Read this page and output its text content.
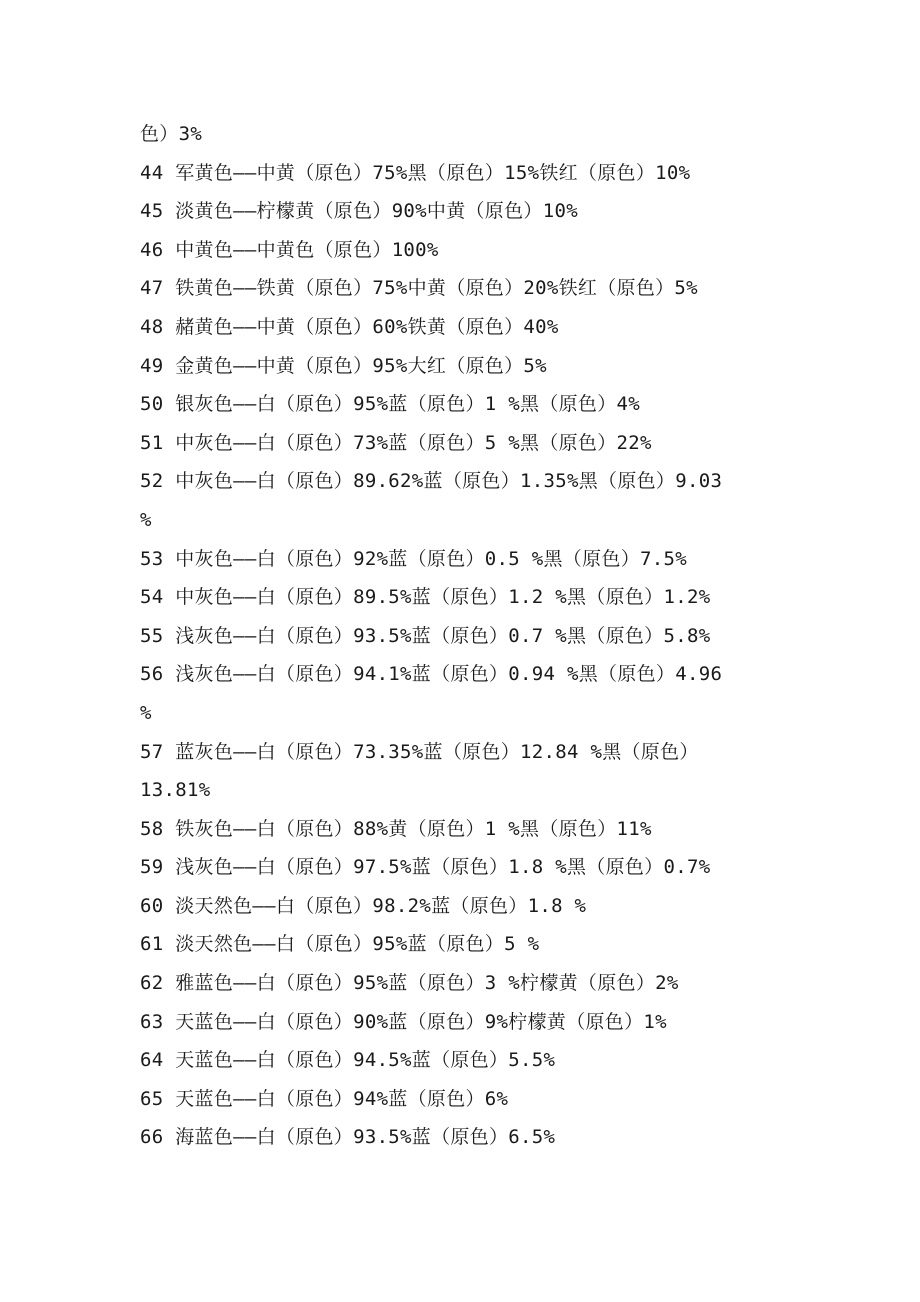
色）3%
44 军黄色——中黄（原色）75%黑（原色）15%铁红（原色）10%
45 淡黄色——柠檬黄（原色）90%中黄（原色）10%
46 中黄色——中黄色（原色）100%
47 铁黄色——铁黄（原色）75%中黄（原色）20%铁红（原色）5%
48 赭黄色——中黄（原色）60%铁黄（原色）40%
49 金黄色——中黄（原色）95%大红（原色）5%
50 银灰色——白（原色）95%蓝（原色）1 %黑（原色）4%
51 中灰色——白（原色）73%蓝（原色）5 %黑（原色）22%
52 中灰色——白（原色）89.62%蓝（原色）1.35%黑（原色）9.03
%
53 中灰色——白（原色）92%蓝（原色）0.5 %黑（原色）7.5%
54 中灰色——白（原色）89.5%蓝（原色）1.2 %黑（原色）1.2%
55 浅灰色——白（原色）93.5%蓝（原色）0.7 %黑（原色）5.8%
56 浅灰色——白（原色）94.1%蓝（原色）0.94 %黑（原色）4.96
%
57 蓝灰色——白（原色）73.35%蓝（原色）12.84 %黑（原色）
13.81%
58 铁灰色——白（原色）88%黄（原色）1 %黑（原色）11%
59 浅灰色——白（原色）97.5%蓝（原色）1.8 %黑（原色）0.7%
60 淡天然色——白（原色）98.2%蓝（原色）1.8 %
61 淡天然色——白（原色）95%蓝（原色）5 %
62 雅蓝色——白（原色）95%蓝（原色）3 %柠檬黄（原色）2%
63 天蓝色——白（原色）90%蓝（原色）9%柠檬黄（原色）1%
64 天蓝色——白（原色）94.5%蓝（原色）5.5%
65 天蓝色——白（原色）94%蓝（原色）6%
66 海蓝色——白（原色）93.5%蓝（原色）6.5%
